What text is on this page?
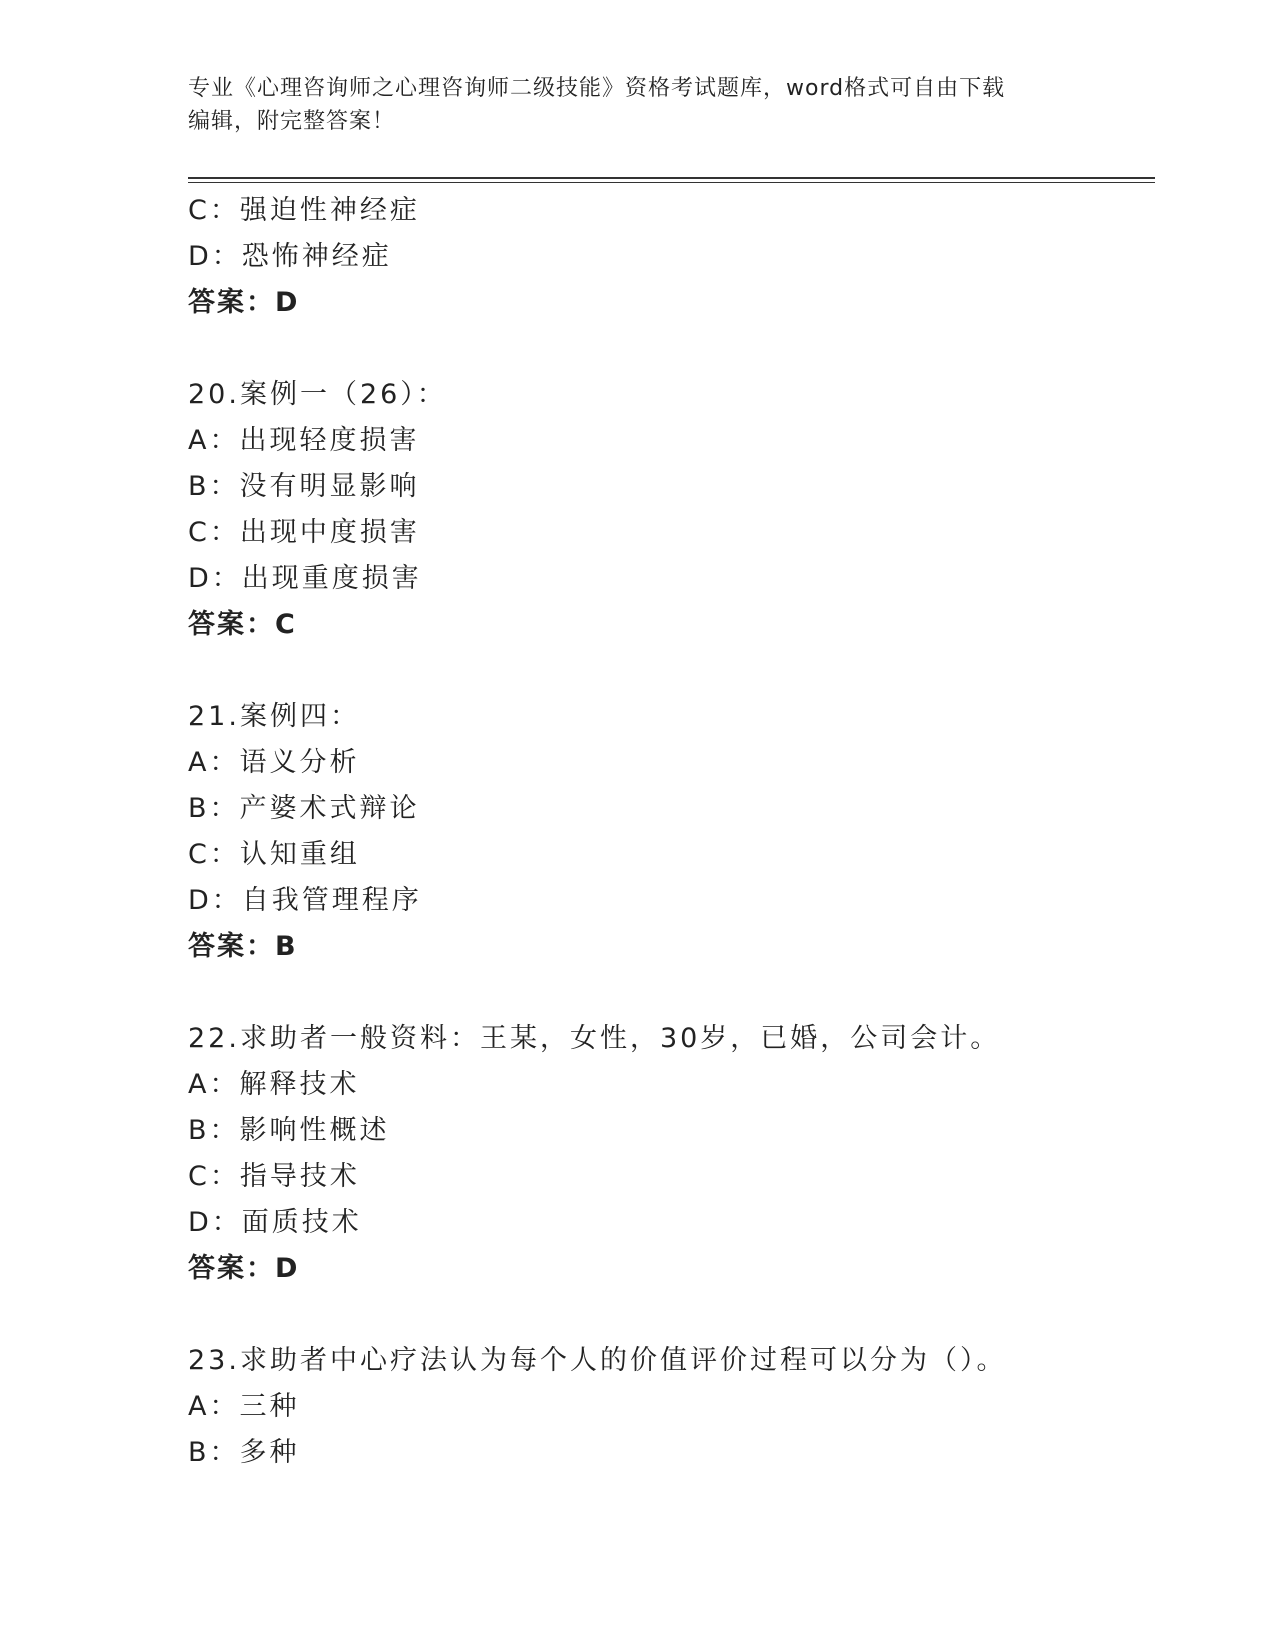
专业《心理咨询师之心理咨询师二级技能》资格考试题库，word格式可自由下载
编辑，附完整答案！
C：强迫性神经症
D：恐怖神经症
答案：D
20.案例一（26）：
A：出现轻度损害
B：没有明显影响
C：出现中度损害
D：出现重度损害
答案：C
21.案例四：
A：语义分析
B：产婆术式辩论
C：认知重组
D：自我管理程序
答案：B
22.求助者一般资料：王某，女性，30岁，已婚，公司会计。
A：解释技术
B：影响性概述
C：指导技术
D：面质技术
答案：D
23.求助者中心疗法认为每个人的价值评价过程可以分为（）。
A：三种
B：多种
